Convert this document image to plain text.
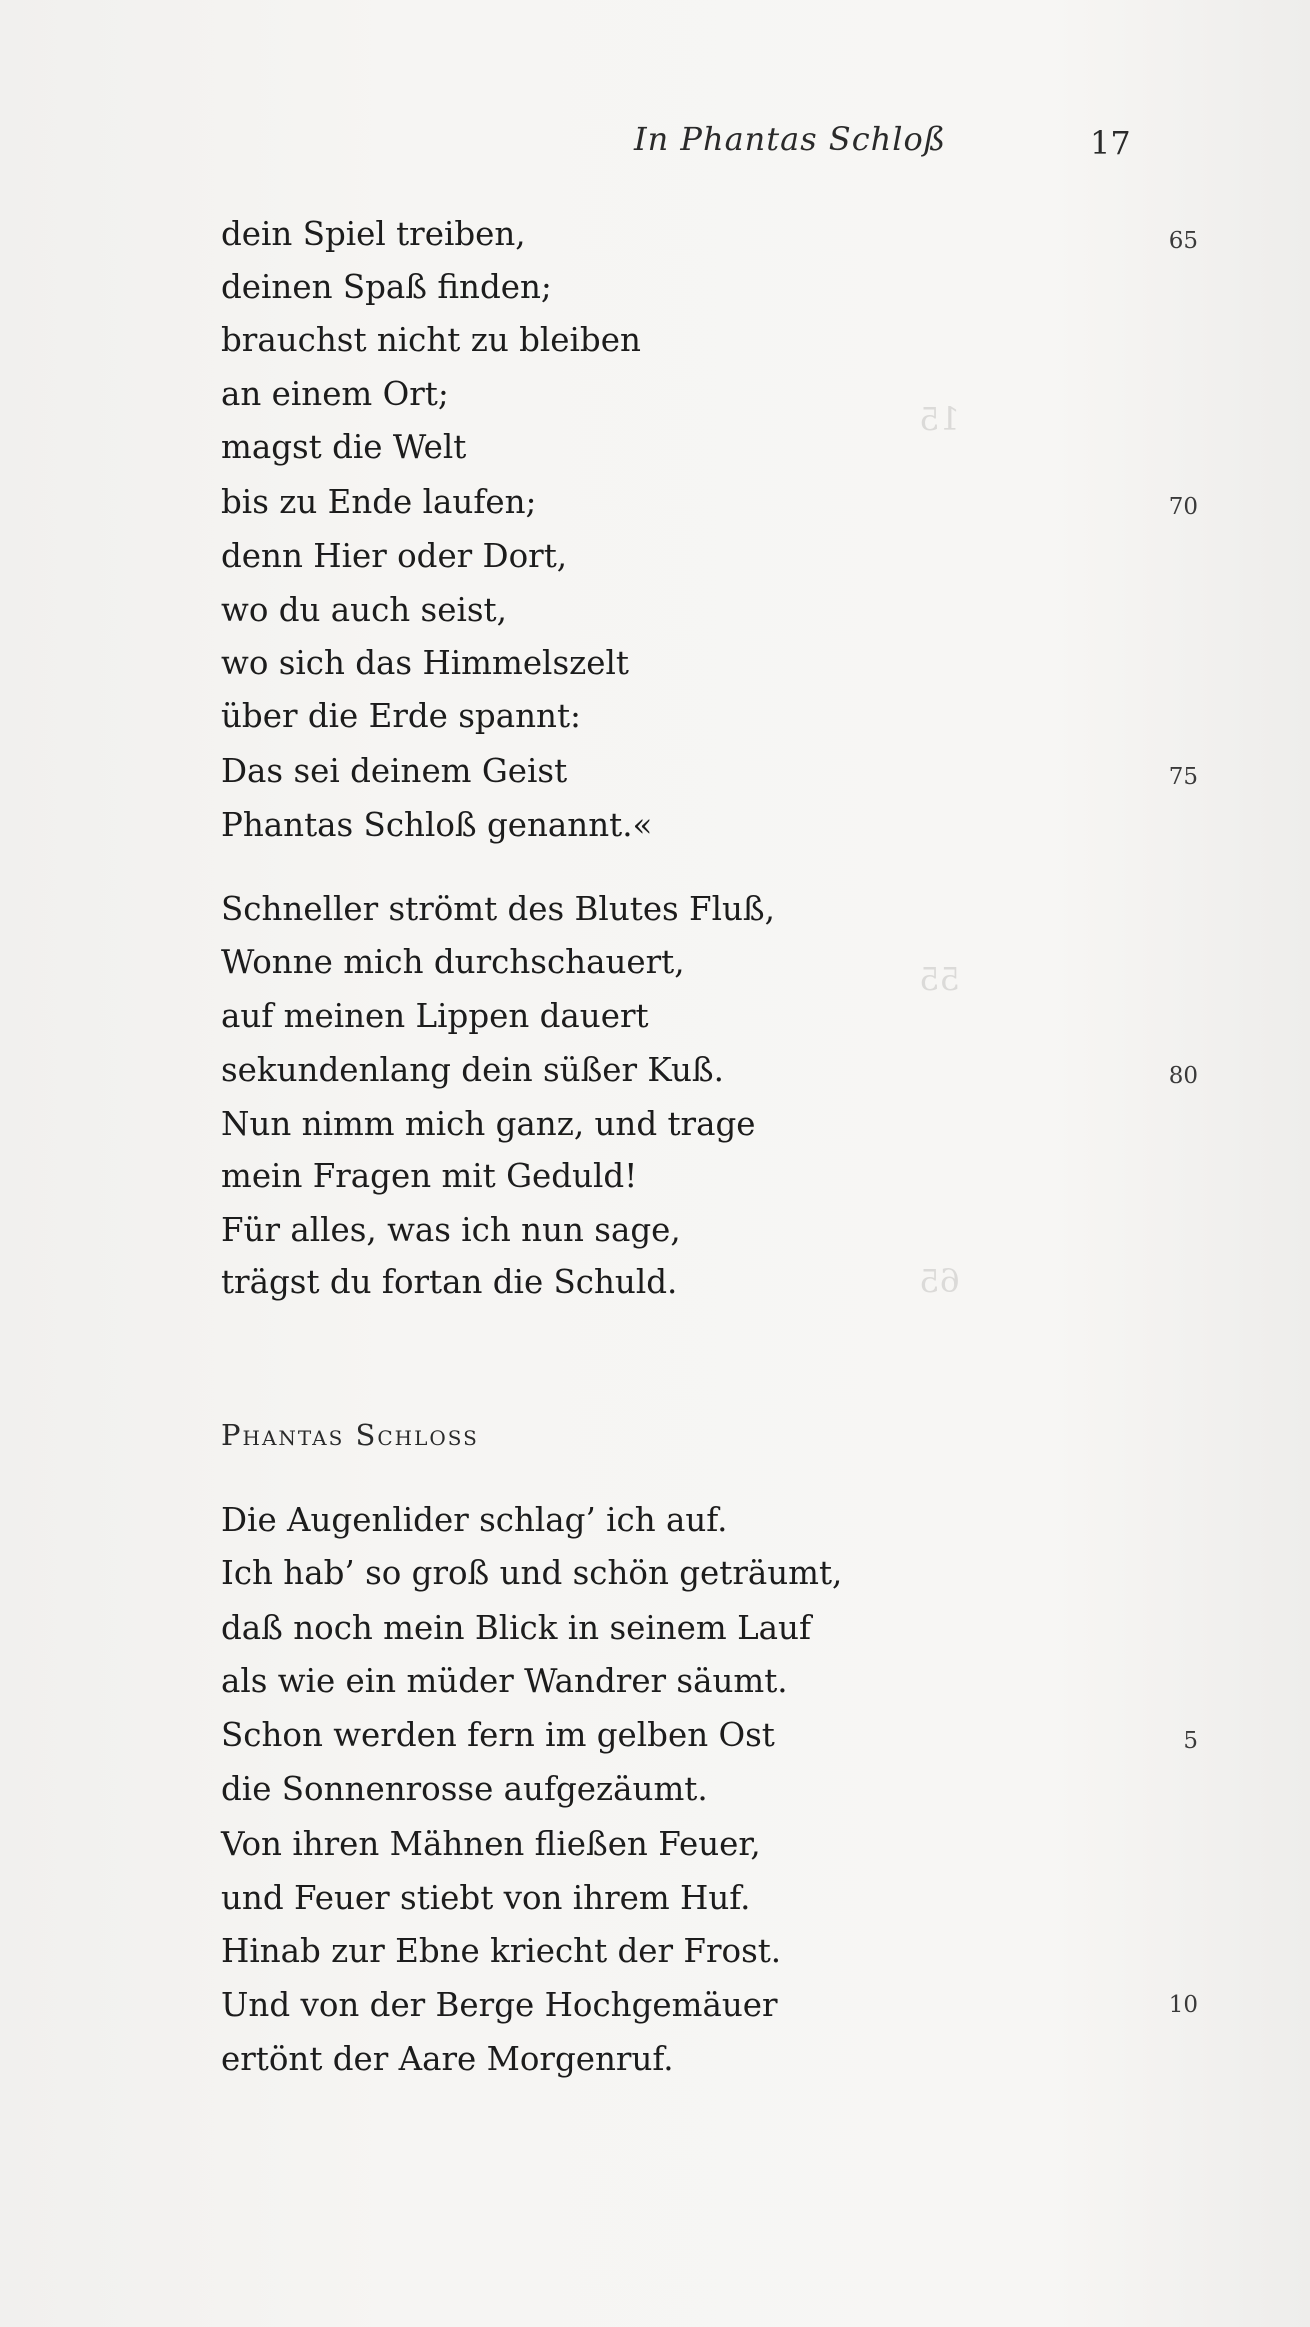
15
55
65
In Phantas Schloß	17
dein Spiel treiben,
deinen Spaß finden;
brauchst nicht zu bleiben
an einem Ort;
magst die Welt
bis zu Ende laufen;
denn Hier oder Dort,
wo du auch seist,
wo sich das Himmelszelt
über die Erde spannt:
Das sei deinem Geist
Phantas Schloß genannt.«
Schneller strömt des Blutes Fluß,
Wonne mich durchschauert,
auf meinen Lippen dauert
sekundenlang dein süßer Kuß.
Nun nimm mich ganz, und trage
mein Fragen mit Geduld!
Für alles, was ich nun sage,
trägst du fortan die Schuld.
Phantas Schloss
Die Augenlider schlag’ ich auf.
Ich hab’ so groß und schön geträumt,
daß noch mein Blick in seinem Lauf
als wie ein müder Wandrer säumt.
Schon werden fern im gelben Ost
die Sonnenrosse aufgezäumt.
Von ihren Mähnen fließen Feuer,
und Feuer stiebt von ihrem Huf.
Hinab zur Ebne kriecht der Frost.
Und von der Berge Hochgemäuer
ertönt der Aare Morgenruf.
65
70
75
80
5
10
